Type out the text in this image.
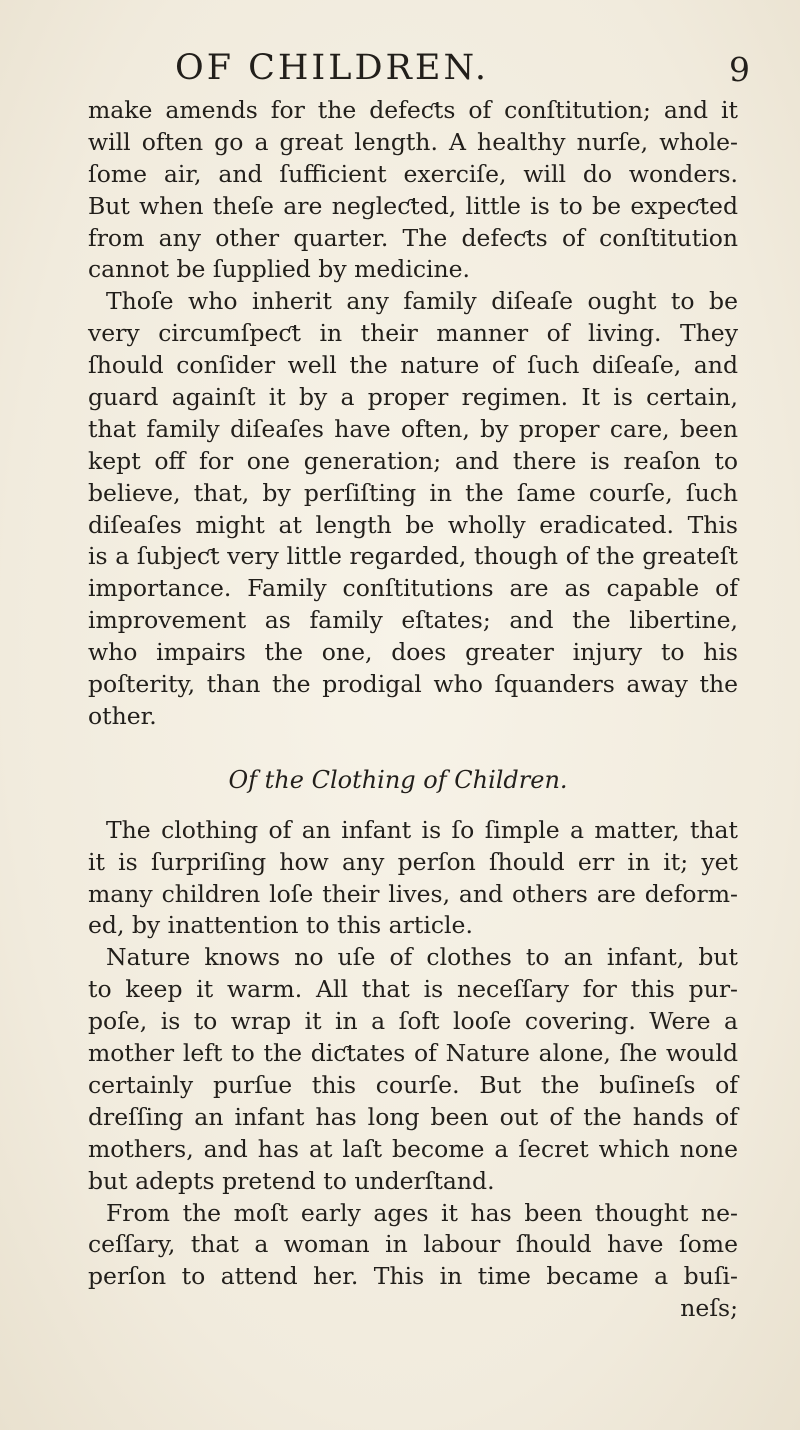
OF CHILDREN.	9
make amends for the defeƈts of conſtitution; and it
will often go a great length. A healthy nurſe, whole-
ſome air, and ſufficient exerciſe, will do wonders.
But when theſe are negleƈted, little is to be expeƈted
from any other quarter. The defeƈts of conſtitution
cannot be ſupplied by medicine.
Thoſe who inherit any family diſeaſe ought to be
very circumſpeƈt in their manner of living. They
ſhould conſider well the nature of ſuch diſeaſe, and
guard againſt it by a proper regimen. It is certain,
that family diſeaſes have often, by proper care, been
kept off for one generation; and there is reaſon to
believe, that, by perſiſting in the ſame courſe, ſuch
diſeaſes might at length be wholly eradicated. This
is a ſubjeƈt very little regarded, though of the greateſt
importance. Family conſtitutions are as capable of
improvement as family eſtates; and the libertine,
who impairs the one, does greater injury to his
poſterity, than the prodigal who ſquanders away the
other.
Of the Clothing of Children.
The clothing of an infant is ſo ſimple a matter, that
it is ſurpriſing how any perſon ſhould err in it; yet
many children loſe their lives, and others are deform-
ed, by inattention to this article.
Nature knows no uſe of clothes to an infant, but
to keep it warm. All that is neceſſary for this pur-
poſe, is to wrap it in a ſoft looſe covering. Were a
mother left to the diƈtates of Nature alone, ſhe would
certainly purſue this courſe. But the buſineſs of
dreſſing an infant has long been out of the hands of
mothers, and has at laſt become a ſecret which none
but adepts pretend to underſtand.
From the moſt early ages it has been thought ne-
ceſſary, that a woman in labour ſhould have ſome
perſon to attend her. This in time became a buſi-
neſs;
